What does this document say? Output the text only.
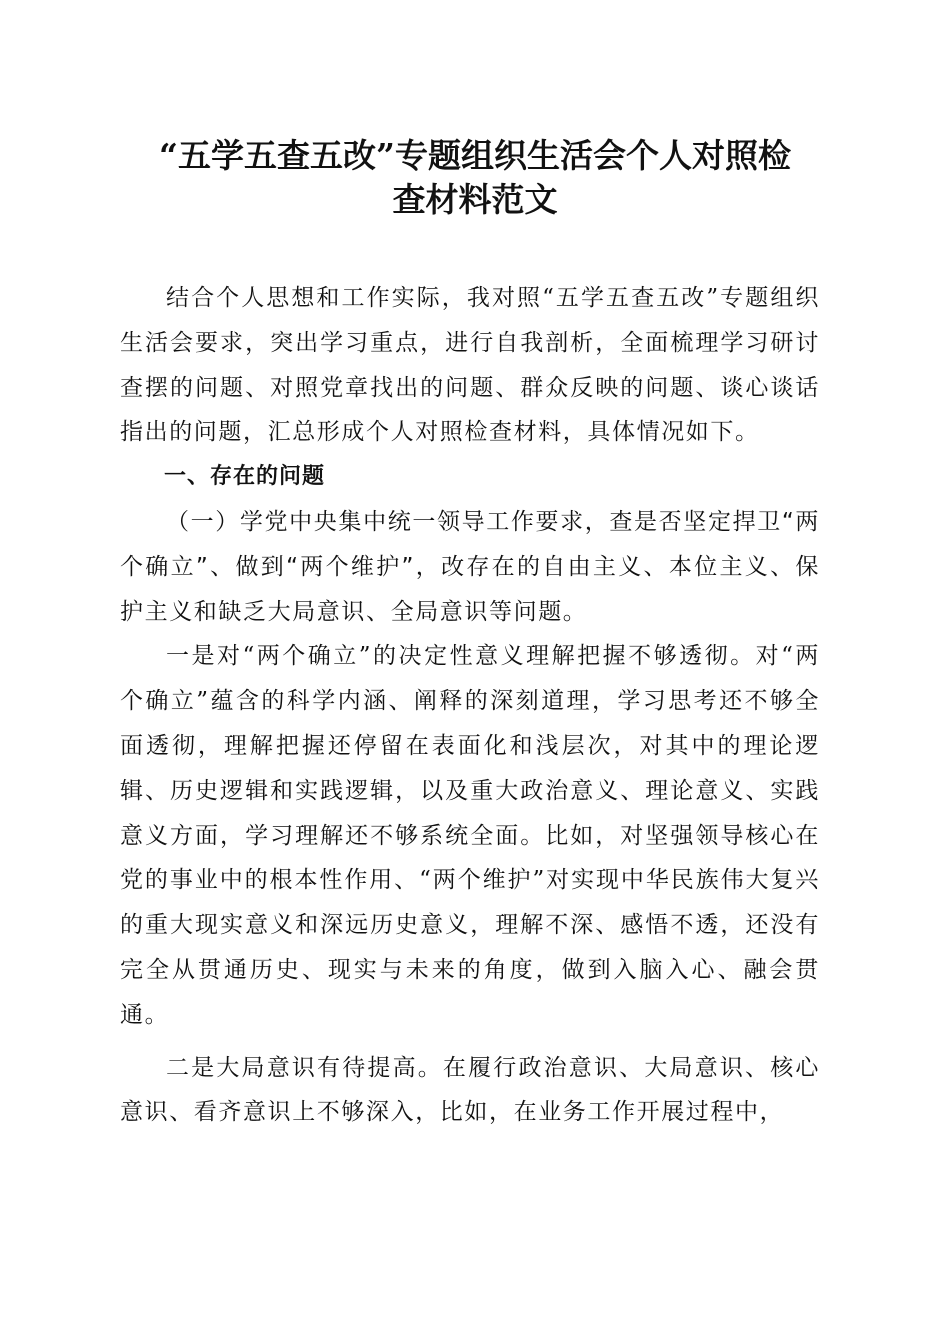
“五学五查五改”专题组织生活会个人对照检
查材料范文

结合个人思想和工作实际，我对照“五学五查五改”专题组织生活会要求，突出学习重点，进行自我剖析，全面梳理学习研讨查摆的问题、对照党章找出的问题、群众反映的问题、谈心谈话指出的问题，汇总形成个人对照检查材料，具体情况如下。

一、存在的问题

（一）学党中央集中统一领导工作要求，查是否坚定捍卫“两个确立”、做到“两个维护”，改存在的自由主义、本位主义、保护主义和缺乏大局意识、全局意识等问题。

一是对“两个确立”的决定性意义理解把握不够透彻。对“两个确立”蕴含的科学内涵、阐释的深刻道理，学习思考还不够全面透彻，理解把握还停留在表面化和浅层次，对其中的理论逻辑、历史逻辑和实践逻辑，以及重大政治意义、理论意义、实践意义方面，学习理解还不够系统全面。比如，对坚强领导核心在党的事业中的根本性作用、“两个维护”对实现中华民族伟大复兴的重大现实意义和深远历史意义，理解不深、感悟不透，还没有完全从贯通历史、现实与未来的角度，做到入脑入心、融会贯通。

二是大局意识有待提高。在履行政治意识、大局意识、核心意识、看齐意识上不够深入，比如，在业务工作开展过程中，
